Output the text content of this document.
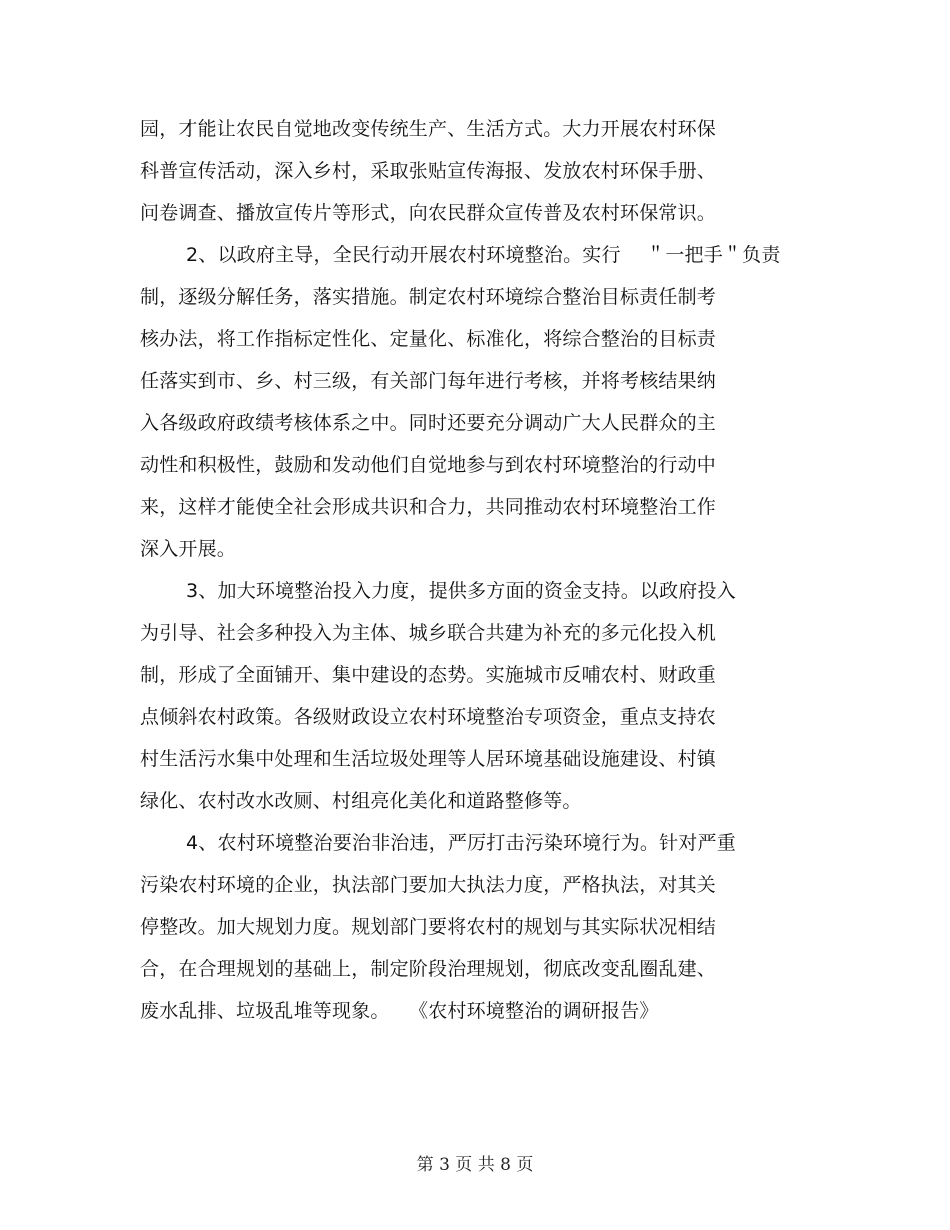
园，才能让农民自觉地改变传统生产、生活方式。大力开展农村环保
科普宣传活动，深入乡村，采取张贴宣传海报、发放农村环保手册、
问卷调查、播放宣传片等形式，向农民群众宣传普及农村环保常识。
2、以政府主导，全民行动开展农村环境整治。实行　 ＂一把手＂负责
制，逐级分解任务，落实措施。制定农村环境综合整治目标责任制考
核办法，将工作指标定性化、定量化、标准化，将综合整治的目标责
任落实到市、乡、村三级，有关部门每年进行考核，并将考核结果纳
入各级政府政绩考核体系之中。同时还要充分调动广大人民群众的主
动性和积极性，鼓励和发动他们自觉地参与到农村环境整治的行动中
来，这样才能使全社会形成共识和合力，共同推动农村环境整治工作
深入开展。
3、加大环境整治投入力度，提供多方面的资金支持。以政府投入
为引导、社会多种投入为主体、城乡联合共建为补充的多元化投入机
制，形成了全面铺开、集中建设的态势。实施城市反哺农村、财政重
点倾斜农村政策。各级财政设立农村环境整治专项资金，重点支持农
村生活污水集中处理和生活垃圾处理等人居环境基础设施建设、村镇
绿化、农村改水改厕、村组亮化美化和道路整修等。
4、农村环境整治要治非治违，严厉打击污染环境行为。针对严重
污染农村环境的企业，执法部门要加大执法力度，严格执法，对其关
停整改。加大规划力度。规划部门要将农村的规划与其实际状况相结
合，在合理规划的基础上，制定阶段治理规划，彻底改变乱圈乱建、
废水乱排、垃圾乱堆等现象。　　《农村环境整治的调研报告》
第 3 页 共 8 页
